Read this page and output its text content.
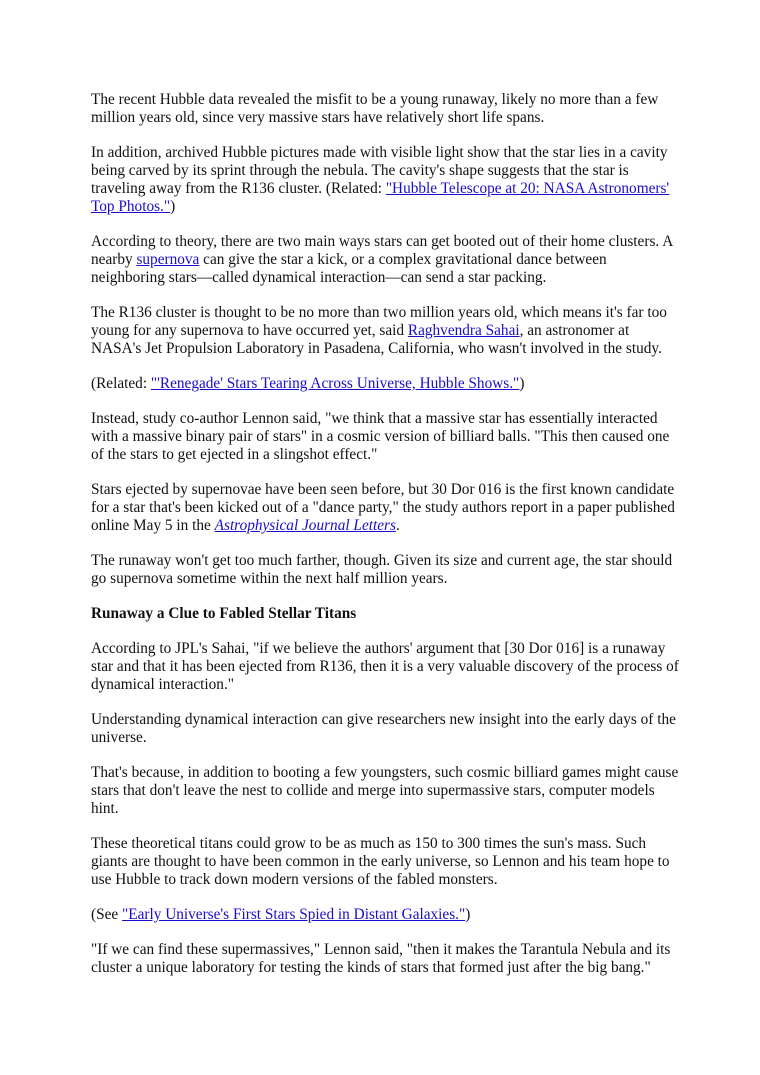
The recent Hubble data revealed the misfit to be a young runaway, likely no more than a few million years old, since very massive stars have relatively short life spans.

In addition, archived Hubble pictures made with visible light show that the star lies in a cavity being carved by its sprint through the nebula. The cavity's shape suggests that the star is traveling away from the R136 cluster. (Related: "Hubble Telescope at 20: NASA Astronomers' Top Photos.")

According to theory, there are two main ways stars can get booted out of their home clusters. A nearby supernova can give the star a kick, or a complex gravitational dance between neighboring stars—called dynamical interaction—can send a star packing.

The R136 cluster is thought to be no more than two million years old, which means it's far too young for any supernova to have occurred yet, said Raghvendra Sahai, an astronomer at NASA's Jet Propulsion Laboratory in Pasadena, California, who wasn't involved in the study.

(Related: "'Renegade' Stars Tearing Across Universe, Hubble Shows.")

Instead, study co-author Lennon said, "we think that a massive star has essentially interacted with a massive binary pair of stars" in a cosmic version of billiard balls. "This then caused one of the stars to get ejected in a slingshot effect."

Stars ejected by supernovae have been seen before, but 30 Dor 016 is the first known candidate for a star that's been kicked out of a "dance party," the study authors report in a paper published online May 5 in the Astrophysical Journal Letters.

The runaway won't get too much farther, though. Given its size and current age, the star should go supernova sometime within the next half million years.

Runaway a Clue to Fabled Stellar Titans

According to JPL's Sahai, "if we believe the authors' argument that [30 Dor 016] is a runaway star and that it has been ejected from R136, then it is a very valuable discovery of the process of dynamical interaction."

Understanding dynamical interaction can give researchers new insight into the early days of the universe.

That's because, in addition to booting a few youngsters, such cosmic billiard games might cause stars that don't leave the nest to collide and merge into supermassive stars, computer models hint.

These theoretical titans could grow to be as much as 150 to 300 times the sun's mass. Such giants are thought to have been common in the early universe, so Lennon and his team hope to use Hubble to track down modern versions of the fabled monsters.

(See "Early Universe's First Stars Spied in Distant Galaxies.")

"If we can find these supermassives," Lennon said, "then it makes the Tarantula Nebula and its cluster a unique laboratory for testing the kinds of stars that formed just after the big bang."
